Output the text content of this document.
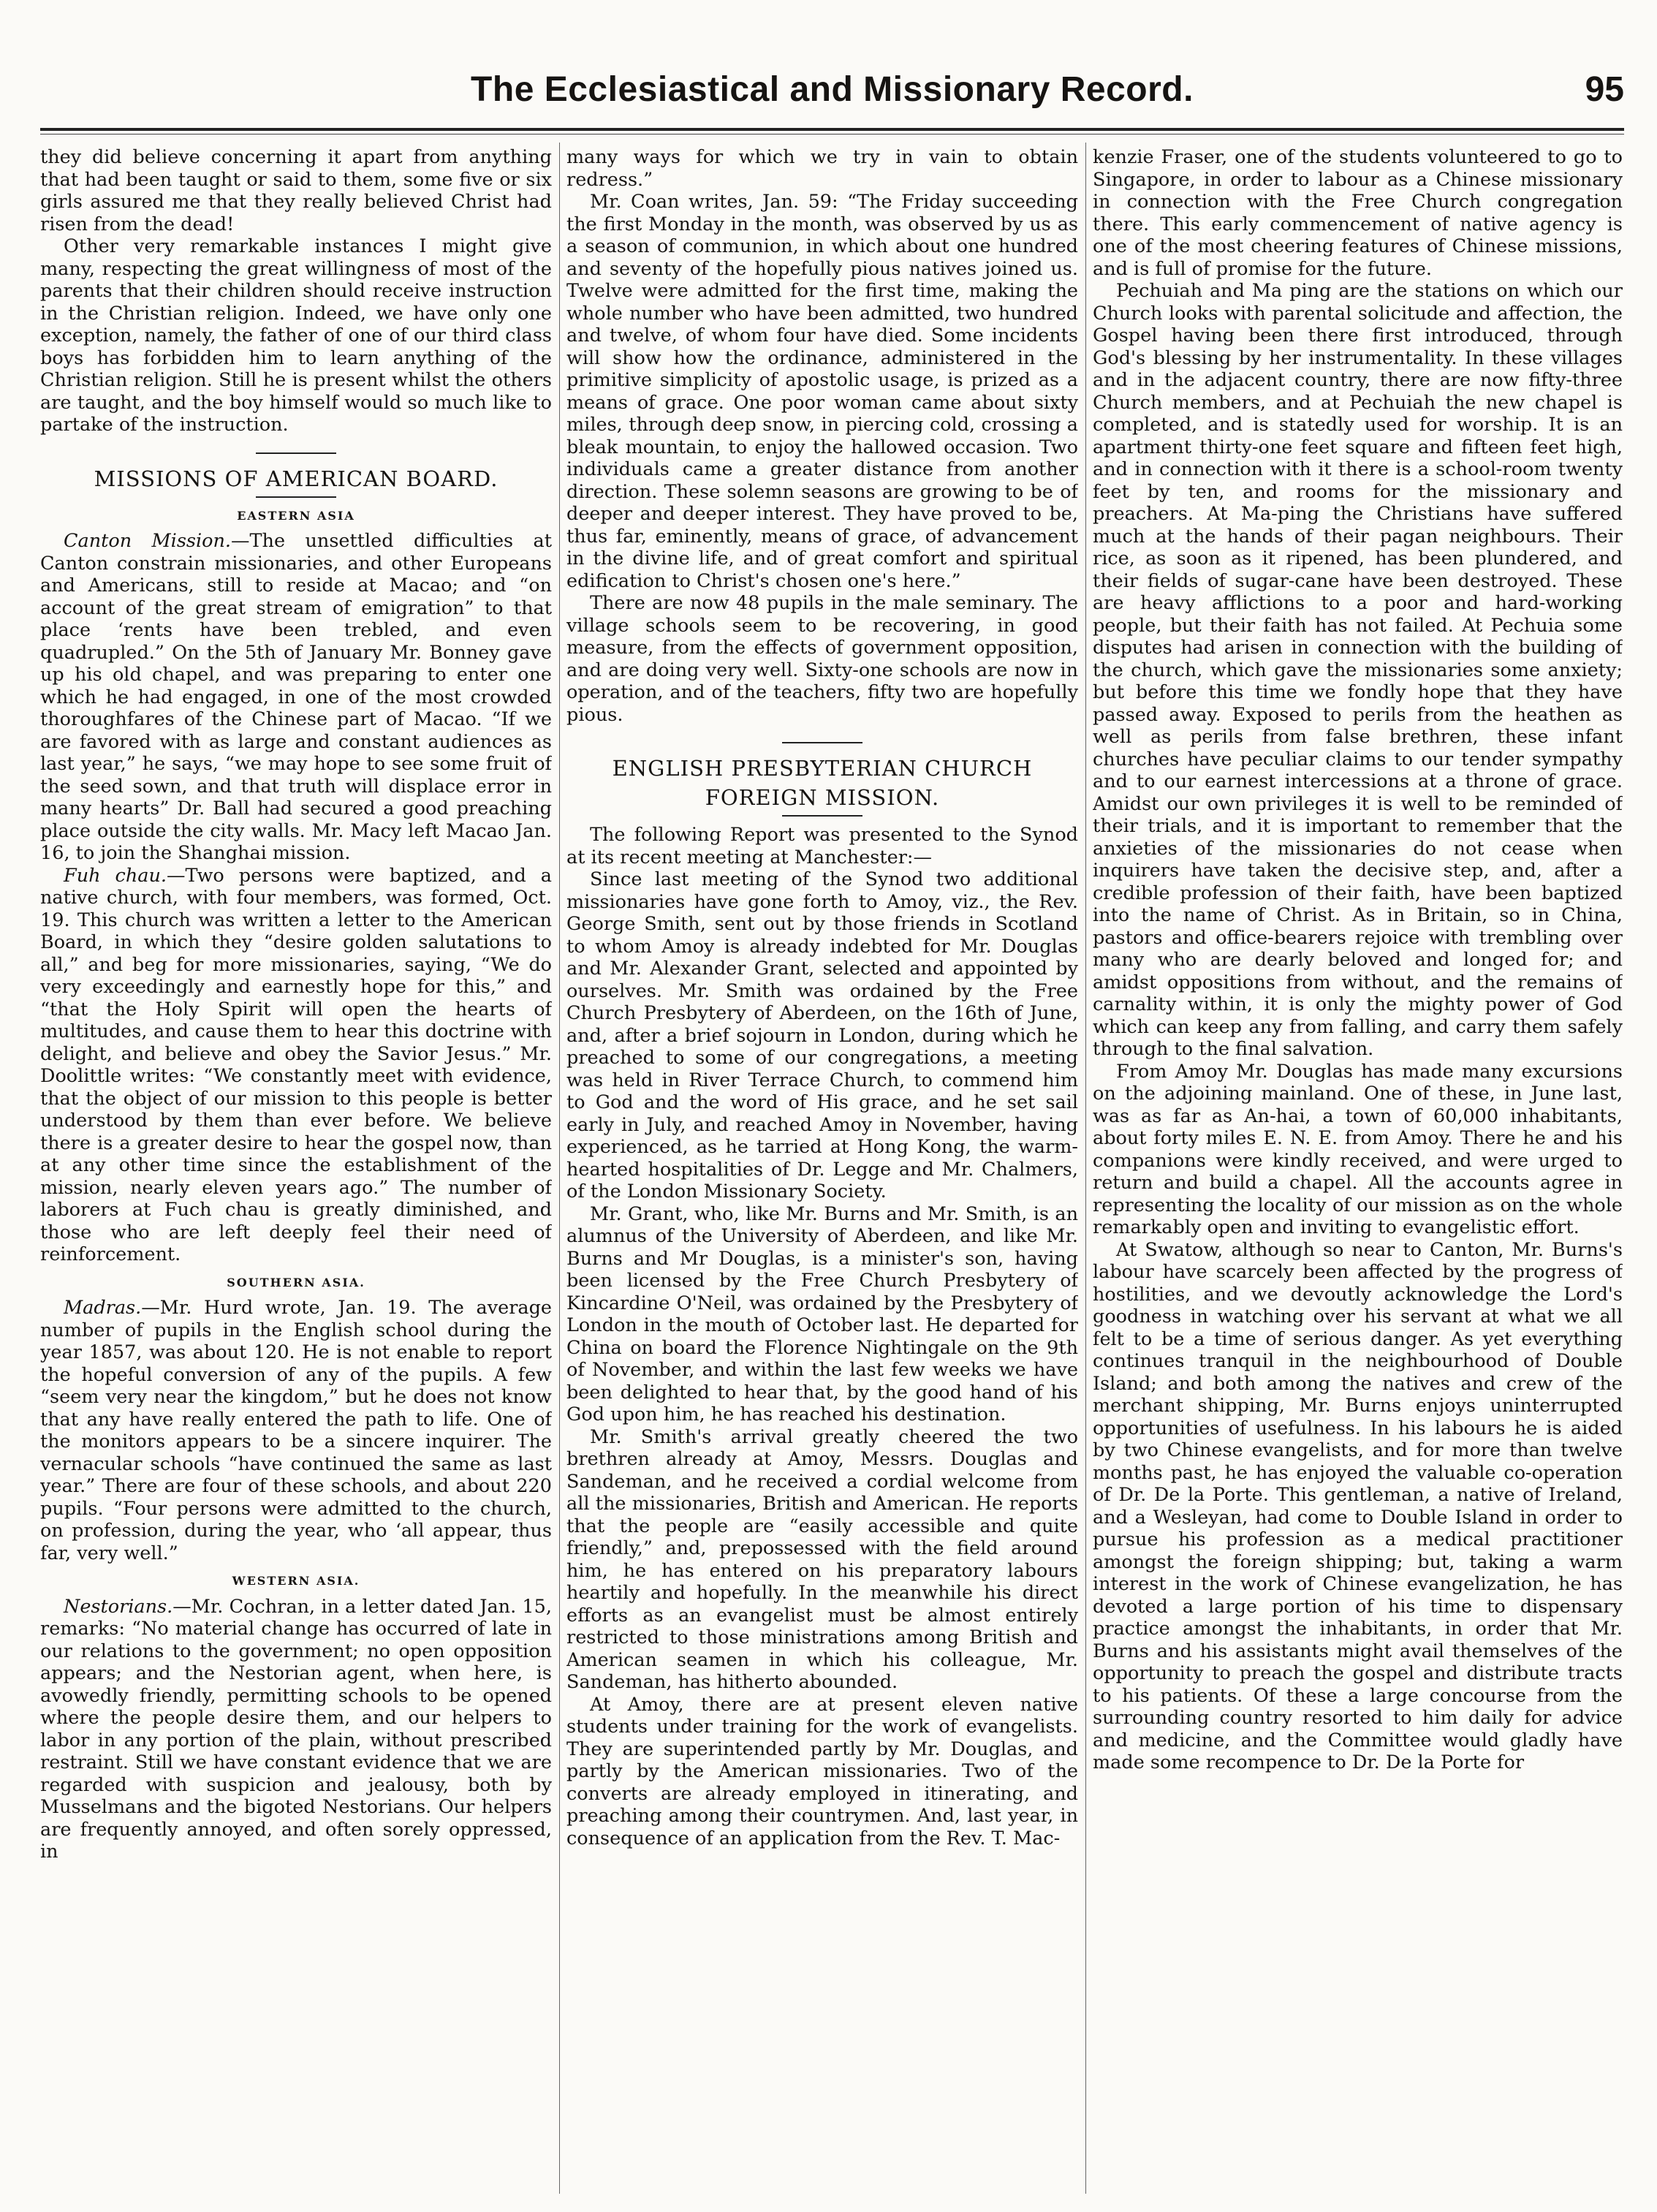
The Ecclesiastical and Missionary Record.	95

they did believe concerning it apart from anything that had been taught or said to them, some five or six girls assured me that they really believed Christ had risen from the dead!

Other very remarkable instances I might give many, respecting the great willingness of most of the parents that their children should receive instruction in the Christian religion. Indeed, we have only one exception, namely, the father of one of our third class boys has forbidden him to learn anything of the Christian religion. Still he is present whilst the others are taught, and the boy himself would so much like to partake of the instruction.

MISSIONS OF AMERICAN BOARD.
EASTERN ASIA

Canton Mission.—The unsettled difficulties at Canton constrain missionaries, and other Europeans and Americans, still to reside at Macao; and “on account of the great stream of emigration” to that place ‘rents have been trebled, and even quadrupled.” On the 5th of January Mr. Bonney gave up his old chapel, and was preparing to enter one which he had engaged, in one of the most crowded thoroughfares of the Chinese part of Macao. “If we are favored with as large and constant audiences as last year,” he says, “we may hope to see some fruit of the seed sown, and that truth will displace error in many hearts” Dr. Ball had secured a good preaching place outside the city walls. Mr. Macy left Macao Jan. 16, to join the Shanghai mission.

Fuh chau.—Two persons were baptized, and a native church, with four members, was formed, Oct. 19. This church was written a letter to the American Board, in which they “desire golden salutations to all,” and beg for more missionaries, saying, “We do very exceedingly and earnestly hope for this,” and “that the Holy Spirit will open the hearts of multitudes, and cause them to hear this doctrine with delight, and believe and obey the Savior Jesus.” Mr. Doolittle writes: “We constantly meet with evidence, that the object of our mission to this people is better understood by them than ever before. We believe there is a greater desire to hear the gospel now, than at any other time since the establishment of the mission, nearly eleven years ago.” The number of laborers at Fuch chau is greatly diminished, and those who are left deeply feel their need of reinforcement.

SOUTHERN ASIA.

Madras.—Mr. Hurd wrote, Jan. 19. The average number of pupils in the English school during the year 1857, was about 120. He is not enable to report the hopeful conversion of any of the pupils. A few “seem very near the kingdom,” but he does not know that any have really entered the path to life. One of the monitors appears to be a sincere inquirer. The vernacular schools “have continued the same as last year.” There are four of these schools, and about 220 pupils. “Four persons were admitted to the church, on profession, during the year, who ‘all appear, thus far, very well.”

WESTERN ASIA.

Nestorians.—Mr. Cochran, in a letter dated Jan. 15, remarks: “No material change has occurred of late in our relations to the government; no open opposition appears; and the Nestorian agent, when here, is avowedly friendly, permitting schools to be opened where the people desire them, and our helpers to labor in any portion of the plain, without prescribed restraint. Still we have constant evidence that we are regarded with suspicion and jealousy, both by Musselmans and the bigoted Nestorians. Our helpers are frequently annoyed, and often sorely oppressed, in

many ways for which we try in vain to obtain redress.”

Mr. Coan writes, Jan. 59: “The Friday succeeding the first Monday in the month, was observed by us as a season of communion, in which about one hundred and seventy of the hopefully pious natives joined us. Twelve were admitted for the first time, making the whole number who have been admitted, two hundred and twelve, of whom four have died. Some incidents will show how the ordinance, administered in the primitive simplicity of apostolic usage, is prized as a means of grace. One poor woman came about sixty miles, through deep snow, in piercing cold, crossing a bleak mountain, to enjoy the hallowed occasion. Two individuals came a greater distance from another direction. These solemn seasons are growing to be of deeper and deeper interest. They have proved to be, thus far, eminently, means of grace, of advancement in the divine life, and of great comfort and spiritual edification to Christ's chosen one's here.”

There are now 48 pupils in the male seminary. The village schools seem to be recovering, in good measure, from the effects of government opposition, and are doing very well. Sixty-one schools are now in operation, and of the teachers, fifty two are hopefully pious.

ENGLISH PRESBYTERIAN CHURCH
FOREIGN MISSION.

The following Report was presented to the Synod at its recent meeting at Manchester:—

Since last meeting of the Synod two additional missionaries have gone forth to Amoy, viz., the Rev. George Smith, sent out by those friends in Scotland to whom Amoy is already indebted for Mr. Douglas and Mr. Alexander Grant, selected and appointed by ourselves. Mr. Smith was ordained by the Free Church Presbytery of Aberdeen, on the 16th of June, and, after a brief sojourn in London, during which he preached to some of our congregations, a meeting was held in River Terrace Church, to commend him to God and the word of His grace, and he set sail early in July, and reached Amoy in November, having experienced, as he tarried at Hong Kong, the warm-hearted hospitalities of Dr. Legge and Mr. Chalmers, of the London Missionary Society.

Mr. Grant, who, like Mr. Burns and Mr. Smith, is an alumnus of the University of Aberdeen, and like Mr. Burns and Mr Douglas, is a minister's son, having been licensed by the Free Church Presbytery of Kincardine O'Neil, was ordained by the Presbytery of London in the mouth of October last. He departed for China on board the Florence Nightingale on the 9th of November, and within the last few weeks we have been delighted to hear that, by the good hand of his God upon him, he has reached his destination.

Mr. Smith's arrival greatly cheered the two brethren already at Amoy, Messrs. Douglas and Sandeman, and he received a cordial welcome from all the missionaries, British and American. He reports that the people are “easily accessible and quite friendly,” and, prepossessed with the field around him, he has entered on his preparatory labours heartily and hopefully. In the meanwhile his direct efforts as an evangelist must be almost entirely restricted to those ministrations among British and American seamen in which his colleague, Mr. Sandeman, has hitherto abounded.

At Amoy, there are at present eleven native students under training for the work of evangelists. They are superintended partly by Mr. Douglas, and partly by the American missionaries. Two of the converts are already employed in itinerating, and preaching among their countrymen. And, last year, in consequence of an application from the Rev. T. Mac-

kenzie Fraser, one of the students volunteered to go to Singapore, in order to labour as a Chinese missionary in connection with the Free Church congregation there. This early commencement of native agency is one of the most cheering features of Chinese missions, and is full of promise for the future.

Pechuiah and Ma ping are the stations on which our Church looks with parental solicitude and affection, the Gospel having been there first introduced, through God's blessing by her instrumentality. In these villages and in the adjacent country, there are now fifty-three Church members, and at Pechuiah the new chapel is completed, and is statedly used for worship. It is an apartment thirty-one feet square and fifteen feet high, and in connection with it there is a school-room twenty feet by ten, and rooms for the missionary and preachers. At Ma-ping the Christians have suffered much at the hands of their pagan neighbours. Their rice, as soon as it ripened, has been plundered, and their fields of sugar-cane have been destroyed. These are heavy afflictions to a poor and hard-working people, but their faith has not failed. At Pechuia some disputes had arisen in connection with the building of the church, which gave the missionaries some anxiety; but before this time we fondly hope that they have passed away. Exposed to perils from the heathen as well as perils from false brethren, these infant churches have peculiar claims to our tender sympathy and to our earnest intercessions at a throne of grace. Amidst our own privileges it is well to be reminded of their trials, and it is important to remember that the anxieties of the missionaries do not cease when inquirers have taken the decisive step, and, after a credible profession of their faith, have been baptized into the name of Christ. As in Britain, so in China, pastors and office-bearers rejoice with trembling over many who are dearly beloved and longed for; and amidst oppositions from without, and the remains of carnality within, it is only the mighty power of God which can keep any from falling, and carry them safely through to the final salvation.

From Amoy Mr. Douglas has made many excursions on the adjoining mainland. One of these, in June last, was as far as An-hai, a town of 60,000 inhabitants, about forty miles E. N. E. from Amoy. There he and his companions were kindly received, and were urged to return and build a chapel. All the accounts agree in representing the locality of our mission as on the whole remarkably open and inviting to evangelistic effort.

At Swatow, although so near to Canton, Mr. Burns's labour have scarcely been affected by the progress of hostilities, and we devoutly acknowledge the Lord's goodness in watching over his servant at what we all felt to be a time of serious danger. As yet everything continues tranquil in the neighbourhood of Double Island; and both among the natives and crew of the merchant shipping, Mr. Burns enjoys uninterrupted opportunities of usefulness. In his labours he is aided by two Chinese evangelists, and for more than twelve months past, he has enjoyed the valuable co-operation of Dr. De la Porte. This gentleman, a native of Ireland, and a Wesleyan, had come to Double Island in order to pursue his profession as a medical practitioner amongst the foreign shipping; but, taking a warm interest in the work of Chinese evangelization, he has devoted a large portion of his time to dispensary practice amongst the inhabitants, in order that Mr. Burns and his assistants might avail themselves of the opportunity to preach the gospel and distribute tracts to his patients. Of these a large concourse from the surrounding country resorted to him daily for advice and medicine, and the Committee would gladly have made some recompence to Dr. De la Porte for
